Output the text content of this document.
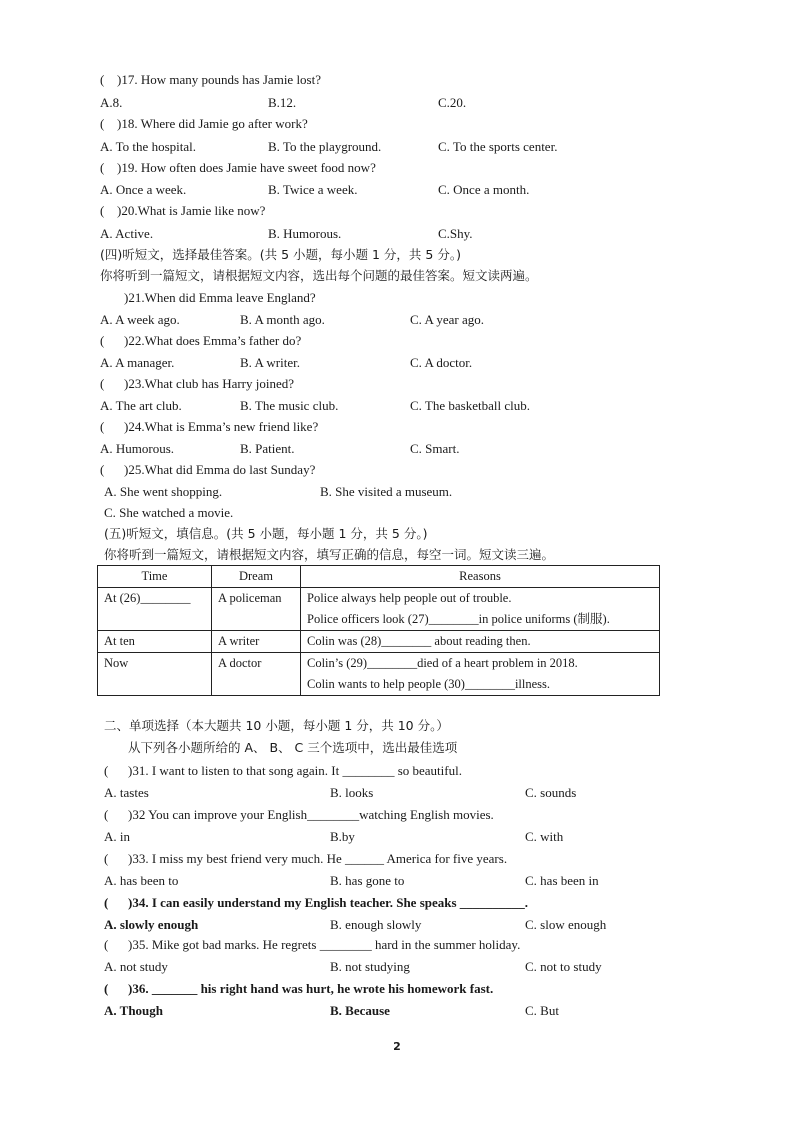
( )17. How many pounds has Jamie lost?
A.8.	B.12.	C.20.
( )18. Where did Jamie go after work?
A. To the hospital.	B. To the playground.	C. To the sports center.
( )19. How often does Jamie have sweet food now?
A. Once a week.	B. Twice a week.	C. Once a month.
( )20.What is Jamie like now?
A. Active.	B. Humorous.	C.Shy.
(四)听短文，选择最佳答案。(共 5 小题，每小题 1 分，共 5 分。)
你将听到一篇短文，请根据短文内容，选出每个问题的最佳答案。短文读两遍。
)21.When did Emma leave England?
A. A week ago.	B. A month ago.	C. A year ago.
( )22.What does Emma’s father do?
A. A manager.	B. A writer.	C. A doctor.
( )23.What club has Harry joined?
A. The art club.	B. The music club.	C. The basketball club.
( )24.What is Emma’s new friend like?
A. Humorous.	B. Patient.	C. Smart.
( )25.What did Emma do last Sunday?
A. She went shopping.	B. She visited a museum.
C. She watched a movie.
(五)听短文，填信息。(共 5 小题，每小题 1 分，共 5 分。)
你将听到一篇短文，请根据短文内容，填写正确的信息，每空一词。短文读三遍。
Time	Dream	Reasons
At (26)________	A policeman	Police always help people out of trouble.
Police officers look (27)________in police uniforms (制服).

At ten	A writer	Colin was (28)________ about reading then.

Now	A doctor	Colin’s (29)________died of a heart problem in 2018.
Colin wants to help people (30)________illness.
二、单项选择（本大题共 10 小题，每小题 1 分，共 10 分。）
从下列各小题所给的 A、 B、 C 三个选项中，选出最佳选项
( )31. I want to listen to that song again. It ________ so beautiful.
A. tastes	B. looks	C. sounds
( )32 You can improve your English________watching English movies.
A. in	B.by	C. with
( )33. I miss my best friend very much. He ______ America for five years.
A. has been to	B. has gone to	C. has been in
( )34. I can easily understand my English teacher. She speaks __________.
A. slowly enough	B. enough slowly	C. slow enough
( )35. Mike got bad marks. He regrets ________ hard in the summer holiday.
A. not study	B. not studying	C. not to study
( )36. _______ his right hand was hurt, he wrote his homework fast.
A. Though	B. Because	C. But
2
